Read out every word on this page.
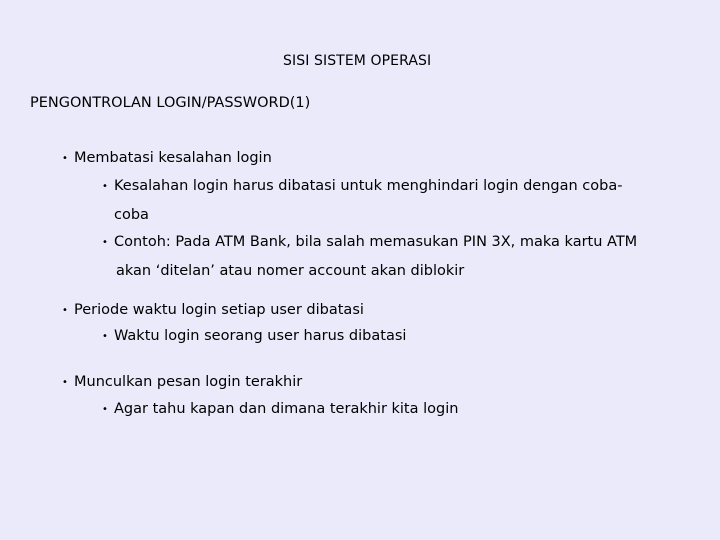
SISI SISTEM OPERASI
PENGONTROLAN LOGIN/PASSWORD(1)
• Membatasi kesalahan login
• Kesalahan login harus dibatasi untuk menghindari login dengan coba-
coba
• Contoh: Pada ATM Bank, bila salah memasukan PIN 3X, maka kartu ATM
akan ‘ditelan’ atau nomer account akan diblokir
• Periode waktu login setiap user dibatasi
• Waktu login seorang user harus dibatasi
• Munculkan pesan login terakhir
• Agar tahu kapan dan dimana terakhir kita login
